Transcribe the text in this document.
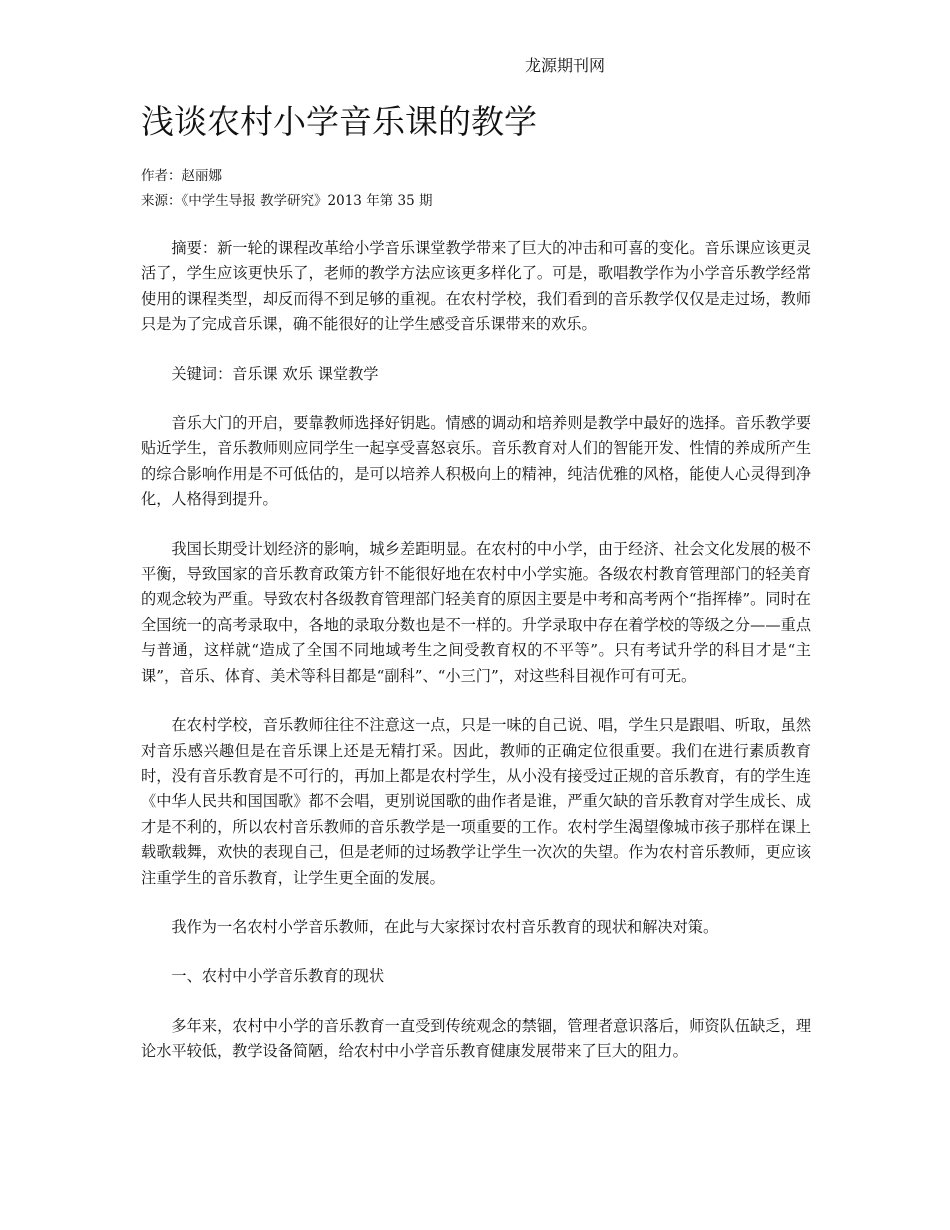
龙源期刊网
浅谈农村小学音乐课的教学
作者：赵丽娜
来源：《中学生导报 教学研究》2013 年第 35 期

摘要：新一轮的课程改革给小学音乐课堂教学带来了巨大的冲击和可喜的变化。音乐课应该更灵活了，学生应该更快乐了，老师的教学方法应该更多样化了。可是，歌唱教学作为小学音乐教学经常使用的课程类型，却反而得不到足够的重视。在农村学校，我们看到的音乐教学仅仅是走过场，教师只是为了完成音乐课，确不能很好的让学生感受音乐课带来的欢乐。

关键词：音乐课 欢乐 课堂教学

音乐大门的开启，要靠教师选择好钥匙。情感的调动和培养则是教学中最好的选择。音乐教学要贴近学生，音乐教师则应同学生一起享受喜怒哀乐。音乐教育对人们的智能开发、性情的养成所产生的综合影响作用是不可低估的，是可以培养人积极向上的精神，纯洁优雅的风格，能使人心灵得到净化，人格得到提升。

我国长期受计划经济的影响，城乡差距明显。在农村的中小学，由于经济、社会文化发展的极不平衡，导致国家的音乐教育政策方针不能很好地在农村中小学实施。各级农村教育管理部门的轻美育的观念较为严重。导致农村各级教育管理部门轻美育的原因主要是中考和高考两个“指挥棒”。同时在全国统一的高考录取中，各地的录取分数也是不一样的。升学录取中存在着学校的等级之分——重点与普通，这样就“造成了全国不同地域考生之间受教育权的不平等”。只有考试升学的科目才是“主课”，音乐、体育、美术等科目都是“副科”、“小三门”，对这些科目视作可有可无。

在农村学校，音乐教师往往不注意这一点，只是一味的自己说、唱，学生只是跟唱、听取，虽然对音乐感兴趣但是在音乐课上还是无精打采。因此，教师的正确定位很重要。我们在进行素质教育时，没有音乐教育是不可行的，再加上都是农村学生，从小没有接受过正规的音乐教育，有的学生连《中华人民共和国国歌》都不会唱，更别说国歌的曲作者是谁，严重欠缺的音乐教育对学生成长、成才是不利的，所以农村音乐教师的音乐教学是一项重要的工作。农村学生渴望像城市孩子那样在课上载歌载舞，欢快的表现自己，但是老师的过场教学让学生一次次的失望。作为农村音乐教师，更应该注重学生的音乐教育，让学生更全面的发展。

我作为一名农村小学音乐教师，在此与大家探讨农村音乐教育的现状和解决对策。

一、农村中小学音乐教育的现状

多年来，农村中小学的音乐教育一直受到传统观念的禁锢，管理者意识落后，师资队伍缺乏，理论水平较低，教学设备简陋，给农村中小学音乐教育健康发展带来了巨大的阻力。
